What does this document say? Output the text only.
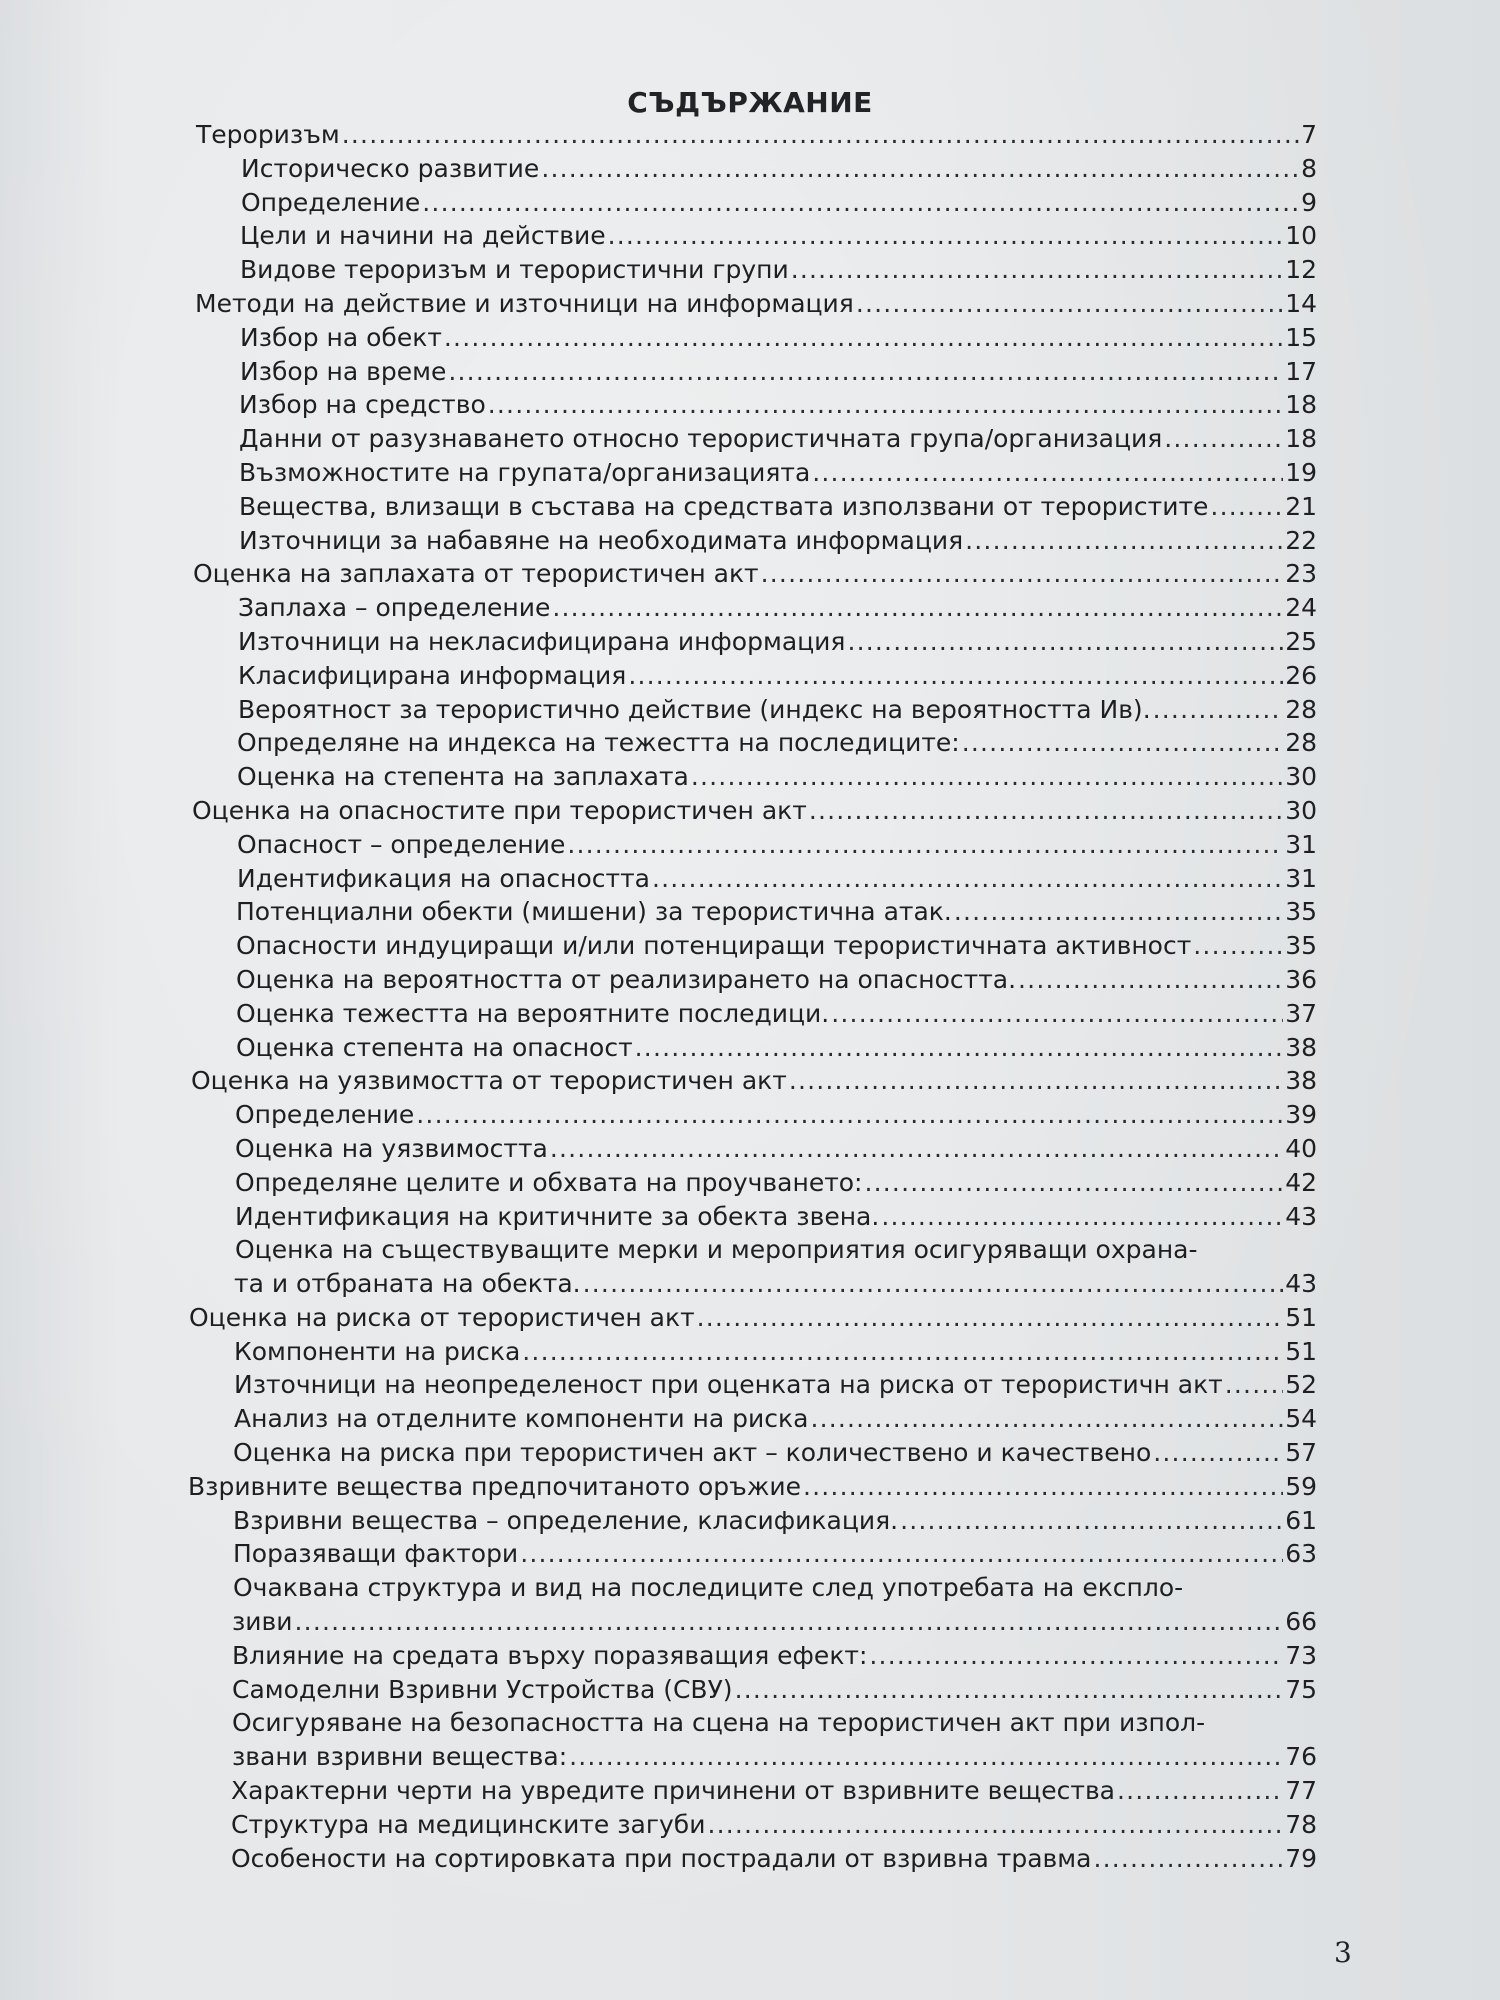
СЪДЪРЖАНИЕ
Тероризъм .....	7
Историческо развитие .....	8
Определение .....	9
Цели и начини на действие .....	10
Видове тероризъм и терористични групи .....	12
Методи на действие и източници на информация .....	14
Избор на обект .....	15
Избор на време .....	17
Избор на средство .....	18
Данни от разузнаването относно терористичната група/организация .....	18
Възможностите на групата/организацията .....	19
Вещества, влизащи в състава на средствата използвани от терористите .....	21
Източници за набавяне на необходимата информация .....	22
Оценка на заплахата от терористичен акт .....	23
Заплаха – определение .....	24
Източници на некласифицирана информация .....	25
Класифицирана информация .....	26
Вероятност за терористично действие (индекс на вероятността Ив). .....	28
Определяне на индекса на тежестта на последиците: .....	28
Оценка на степента на заплахата .....	30
Оценка на опасностите при терористичен акт .....	30
Опасност – определение .....	31
Идентификация на опасността .....	31
Потенциални обекти (мишени) за терористична атак. .....	35
Опасности индуциращи и/или потенциращи терористичната активност .....	35
Оценка на вероятността от реализирането на опасността. .....	36
Оценка тежестта на вероятните последици. .....	37
Оценка степента на опасност .....	38
Оценка на уязвимостта от терористичен акт .....	38
Определение .....	39
Оценка на уязвимостта .....	40
Определяне целите и обхвата на проучването: .....	42
Идентификация на критичните за обекта звена. .....	43
Оценка на съществуващите мерки и мероприятия осигуряващи охрана-
та и отбраната на обекта. .....	43
Оценка на риска от терористичен акт .....	51
Компоненти на риска .....	51
Източници на неопределеност при оценката на риска от терористичн акт ..... 52
Анализ на отделните компоненти на риска .....	54
Оценка на риска при терористичен акт – количествено и качествено .....	57
Взривните вещества предпочитаното оръжие .....	59
Взривни вещества – определение, класификация. .....	61
Поразяващи фактори .....	63
Очаквана структура и вид на последиците след употребата на експло-
зиви .....	66
Влияние на средата върху поразяващия ефект: .....	73
Самоделни Взривни Устройства (СВУ) .....	75
Осигуряване на безопасността на сцена на терористичен акт при изпол-
звани взривни вещества: .....	76
Характерни черти на увредите причинени от взривните вещества .....	77
Структура на медицинските загуби .....	78
Особености на сортировката при пострадали от взривна травма .....	79
3
